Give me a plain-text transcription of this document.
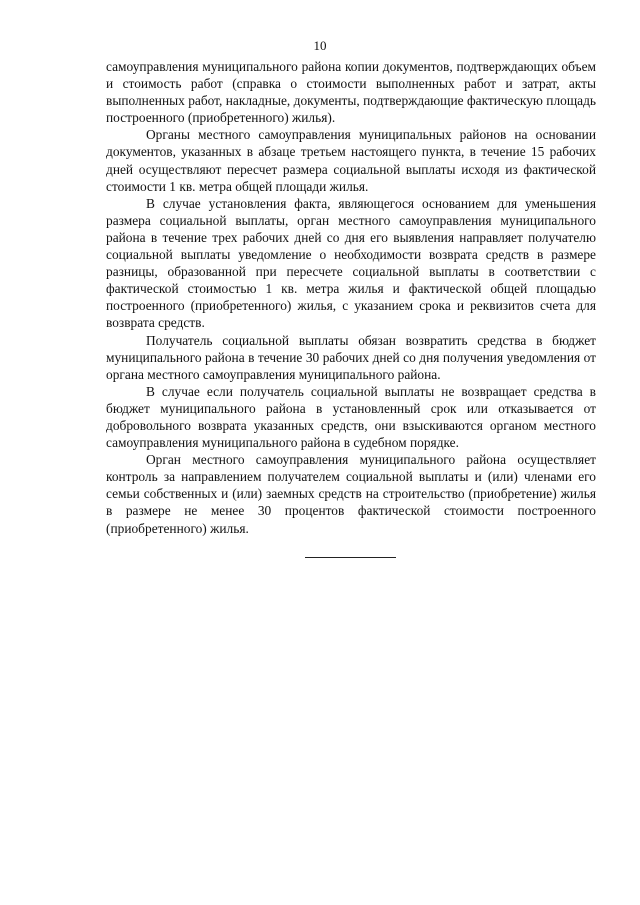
10

самоуправления муниципального района копии документов, подтверждающих объем и стоимость работ (справка о стоимости выполненных работ и затрат, акты выполненных работ, накладные, документы, подтверждающие фактическую площадь построенного (приобретенного) жилья).

Органы местного самоуправления муниципальных районов на основании документов, указанных в абзаце третьем настоящего пункта, в течение 15 рабочих дней осуществляют пересчет размера социальной выплаты исходя из фактической стоимости 1 кв. метра общей площади жилья.

В случае установления факта, являющегося основанием для уменьшения размера социальной выплаты, орган местного самоуправления муниципального района в течение трех рабочих дней со дня его выявления направляет получателю социальной выплаты уведомление о необходимости возврата средств в размере разницы, образованной при пересчете социальной выплаты в соответствии с фактической стоимостью 1 кв. метра жилья и фактической общей площадью построенного (приобретенного) жилья, с указанием срока и реквизитов счета для возврата средств.

Получатель социальной выплаты обязан возвратить средства в бюджет муниципального района в течение 30 рабочих дней со дня получения уведомления от органа местного самоуправления муниципального района.

В случае если получатель социальной выплаты не возвращает средства в бюджет муниципального района в установленный срок или отказывается от добровольного возврата указанных средств, они взыскиваются органом местного самоуправления муниципального района в судебном порядке.

Орган местного самоуправления муниципального района осуществляет контроль за направлением получателем социальной выплаты и (или) членами его семьи собственных и (или) заемных средств на строительство (приобретение) жилья в размере не менее 30 процентов фактической стоимости построенного (приобретенного) жилья.
